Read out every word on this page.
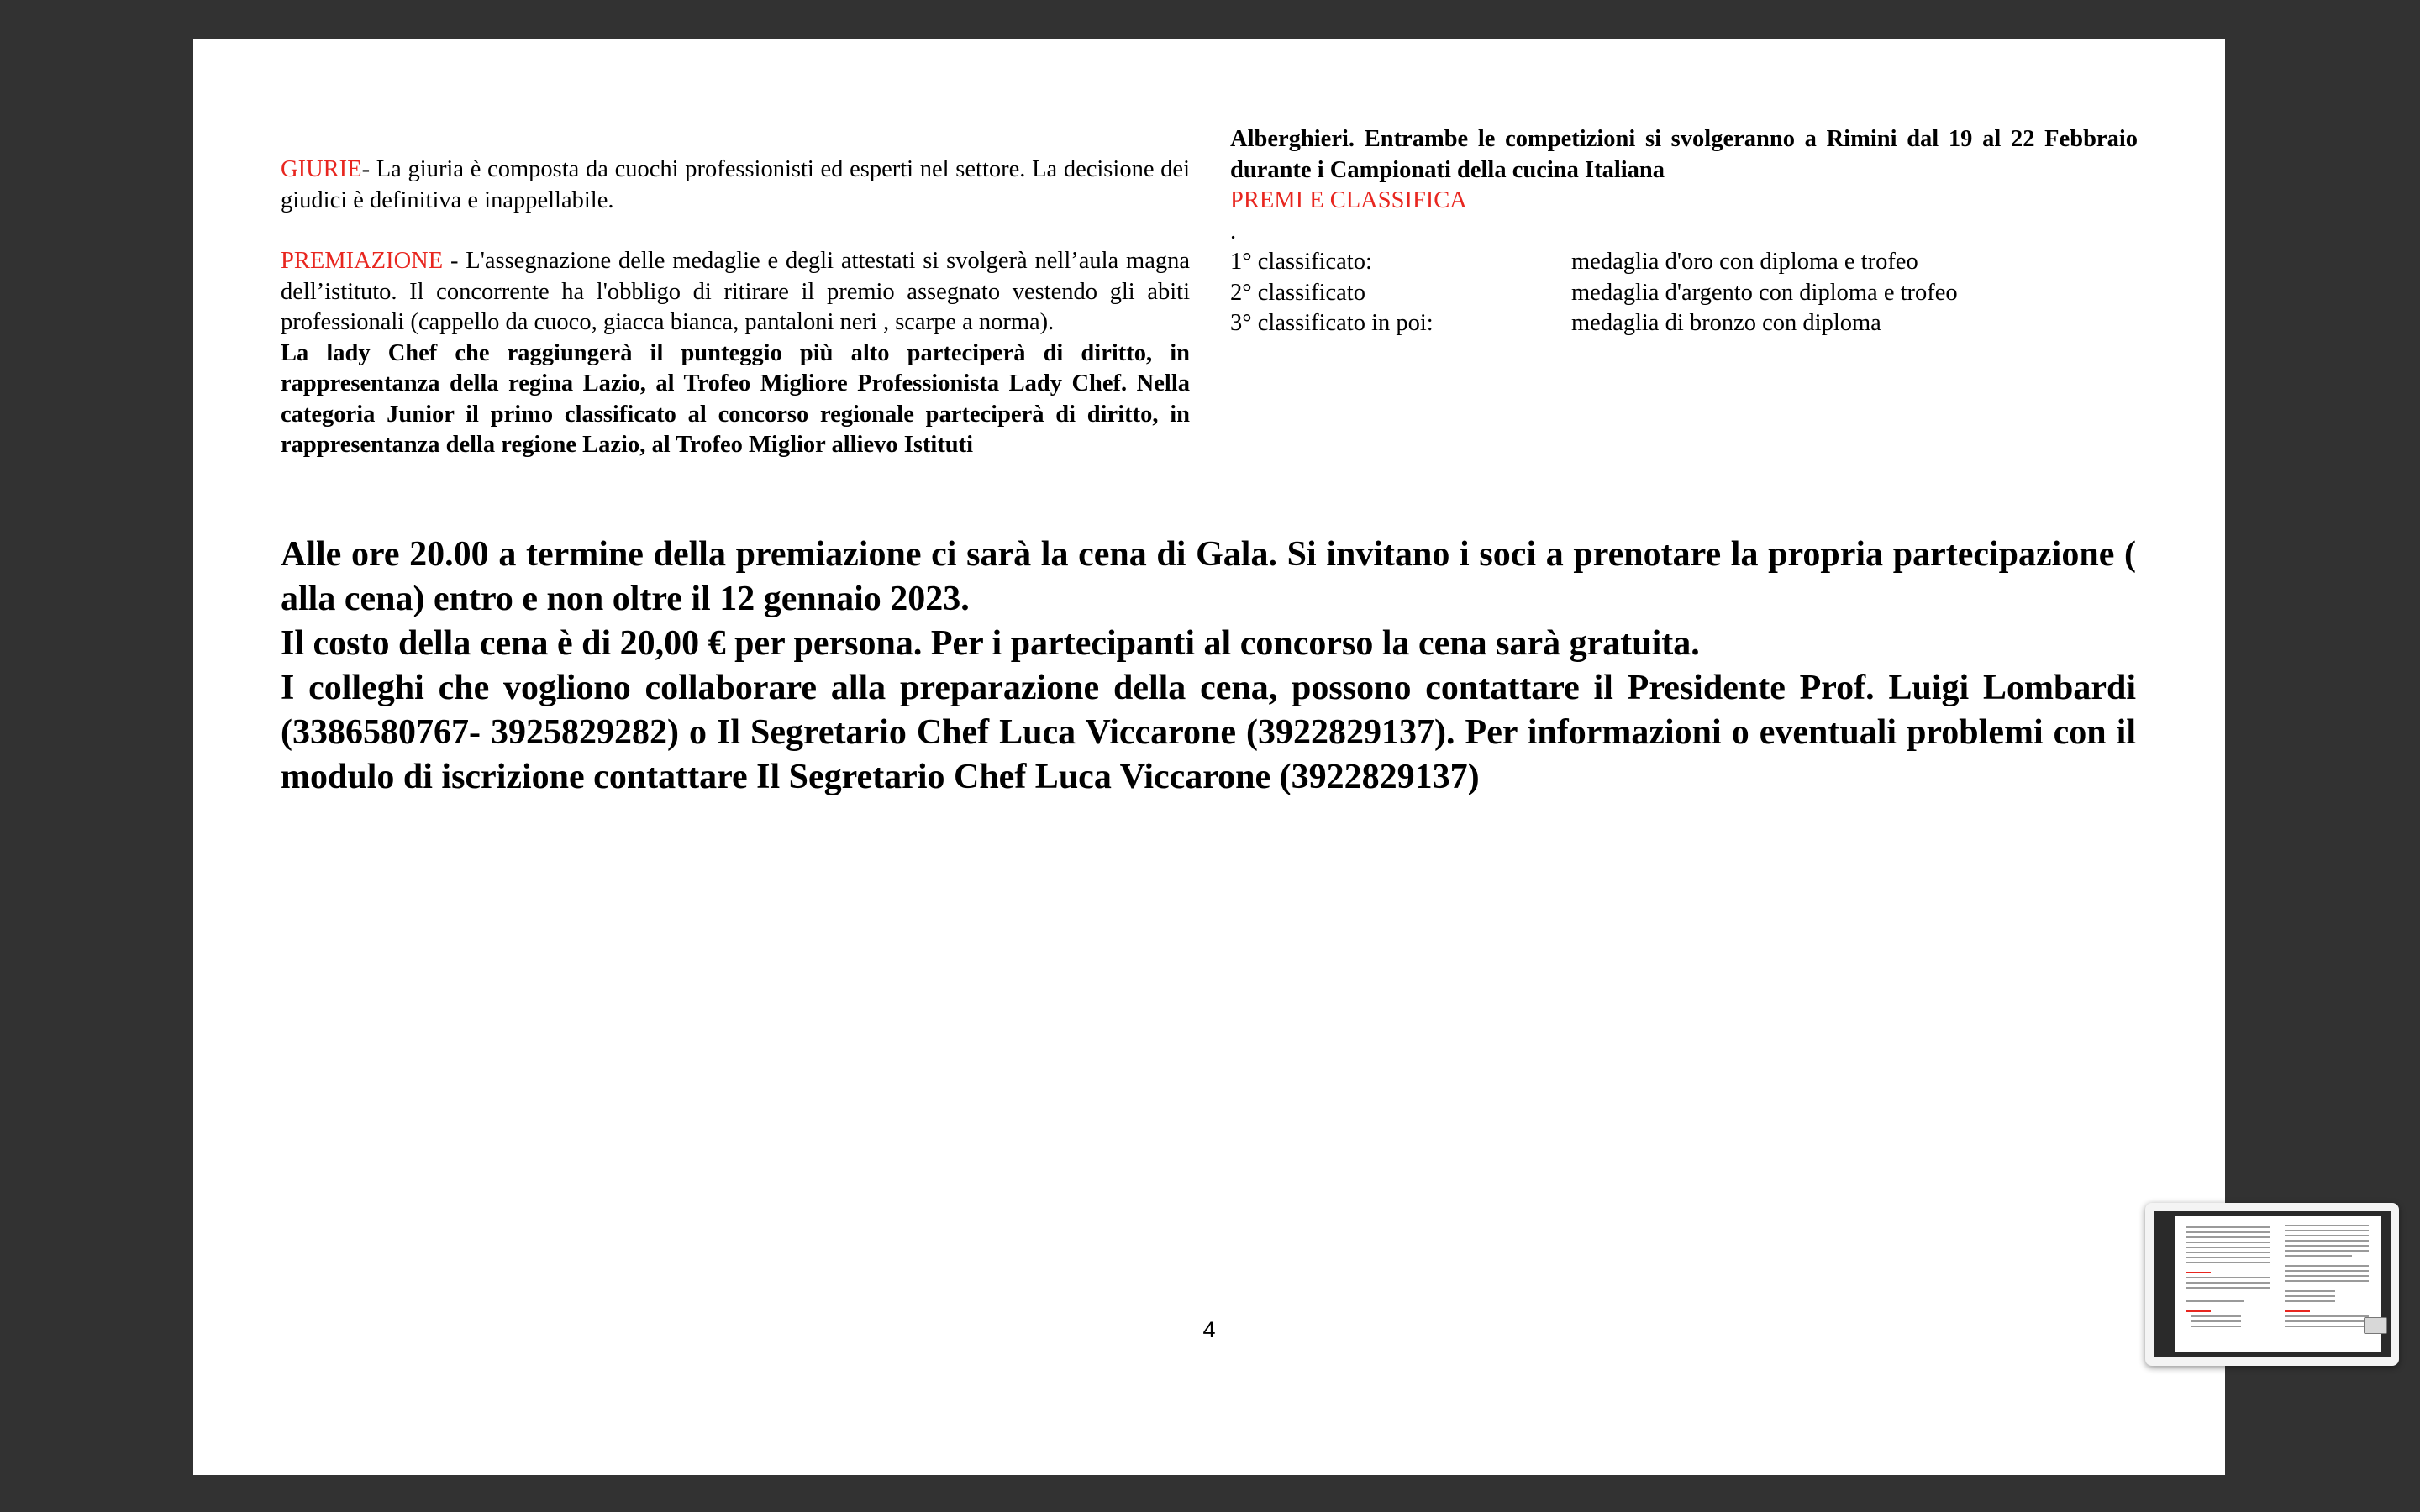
GIURIE- La giuria è composta da cuochi professionisti ed esperti nel settore. La decisione dei giudici è definitiva e inappellabile.

PREMIAZIONE - L'assegnazione delle medaglie e degli attestati si svolgerà nell’aula magna dell’istituto. Il concorrente ha l'obbligo di ritirare il premio assegnato vestendo gli abiti professionali (cappello da cuoco, giacca bianca, pantaloni neri , scarpe a norma).

La lady Chef che raggiungerà il punteggio più alto parteciperà di diritto, in rappresentanza della regina Lazio, al Trofeo Migliore Professionista Lady Chef. Nella categoria Junior il primo classificato al concorso regionale parteciperà di diritto, in rappresentanza della regione Lazio, al Trofeo Miglior allievo Istituti

Alberghieri. Entrambe le competizioni si svolgeranno a Rimini dal 19 al 22 Febbraio durante i Campionati della cucina Italiana

PREMI E CLASSIFICA

.

1° classificato:	medaglia d'oro con diploma e trofeo
2° classificato	medaglia d'argento con diploma e trofeo
3° classificato in poi:	medaglia di bronzo con diploma

Alle ore 20.00 a termine della premiazione ci sarà la cena di Gala. Si invitano i soci a prenotare la propria partecipazione ( alla cena) entro e non oltre il 12 gennaio 2023.

Il costo della cena è di 20,00 € per persona. Per i partecipanti al concorso la cena sarà gratuita.

I colleghi che vogliono collaborare alla preparazione della cena, possono contattare il Presidente Prof. Luigi Lombardi (3386580767- 3925829282) o Il Segretario Chef Luca Viccarone (3922829137). Per informazioni o eventuali problemi con il modulo di iscrizione contattare Il Segretario Chef Luca Viccarone (3922829137)

4
